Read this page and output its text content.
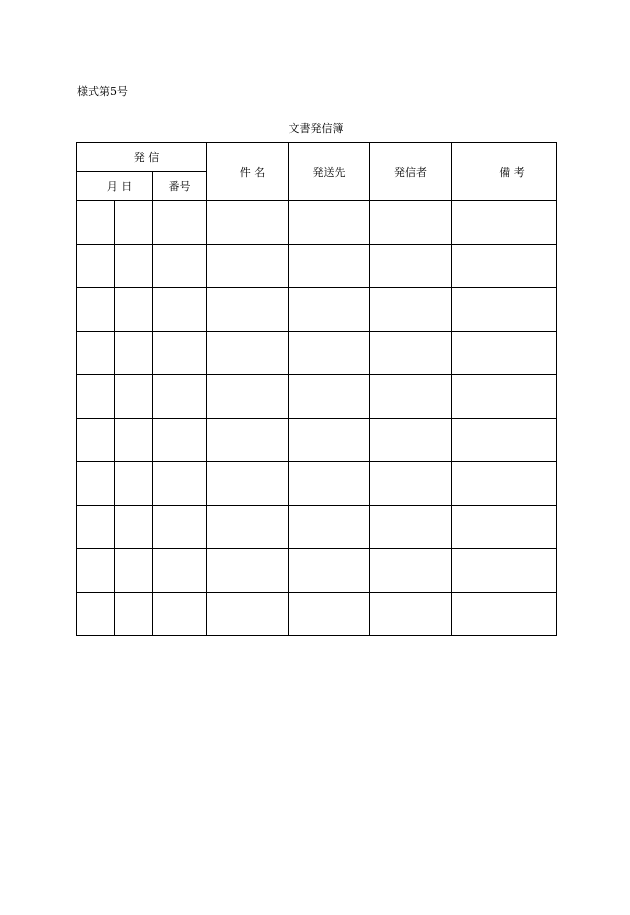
様式第5号
文書発信簿
発 信			件 名	発送先	発信者	備 考
月 日		番号				
